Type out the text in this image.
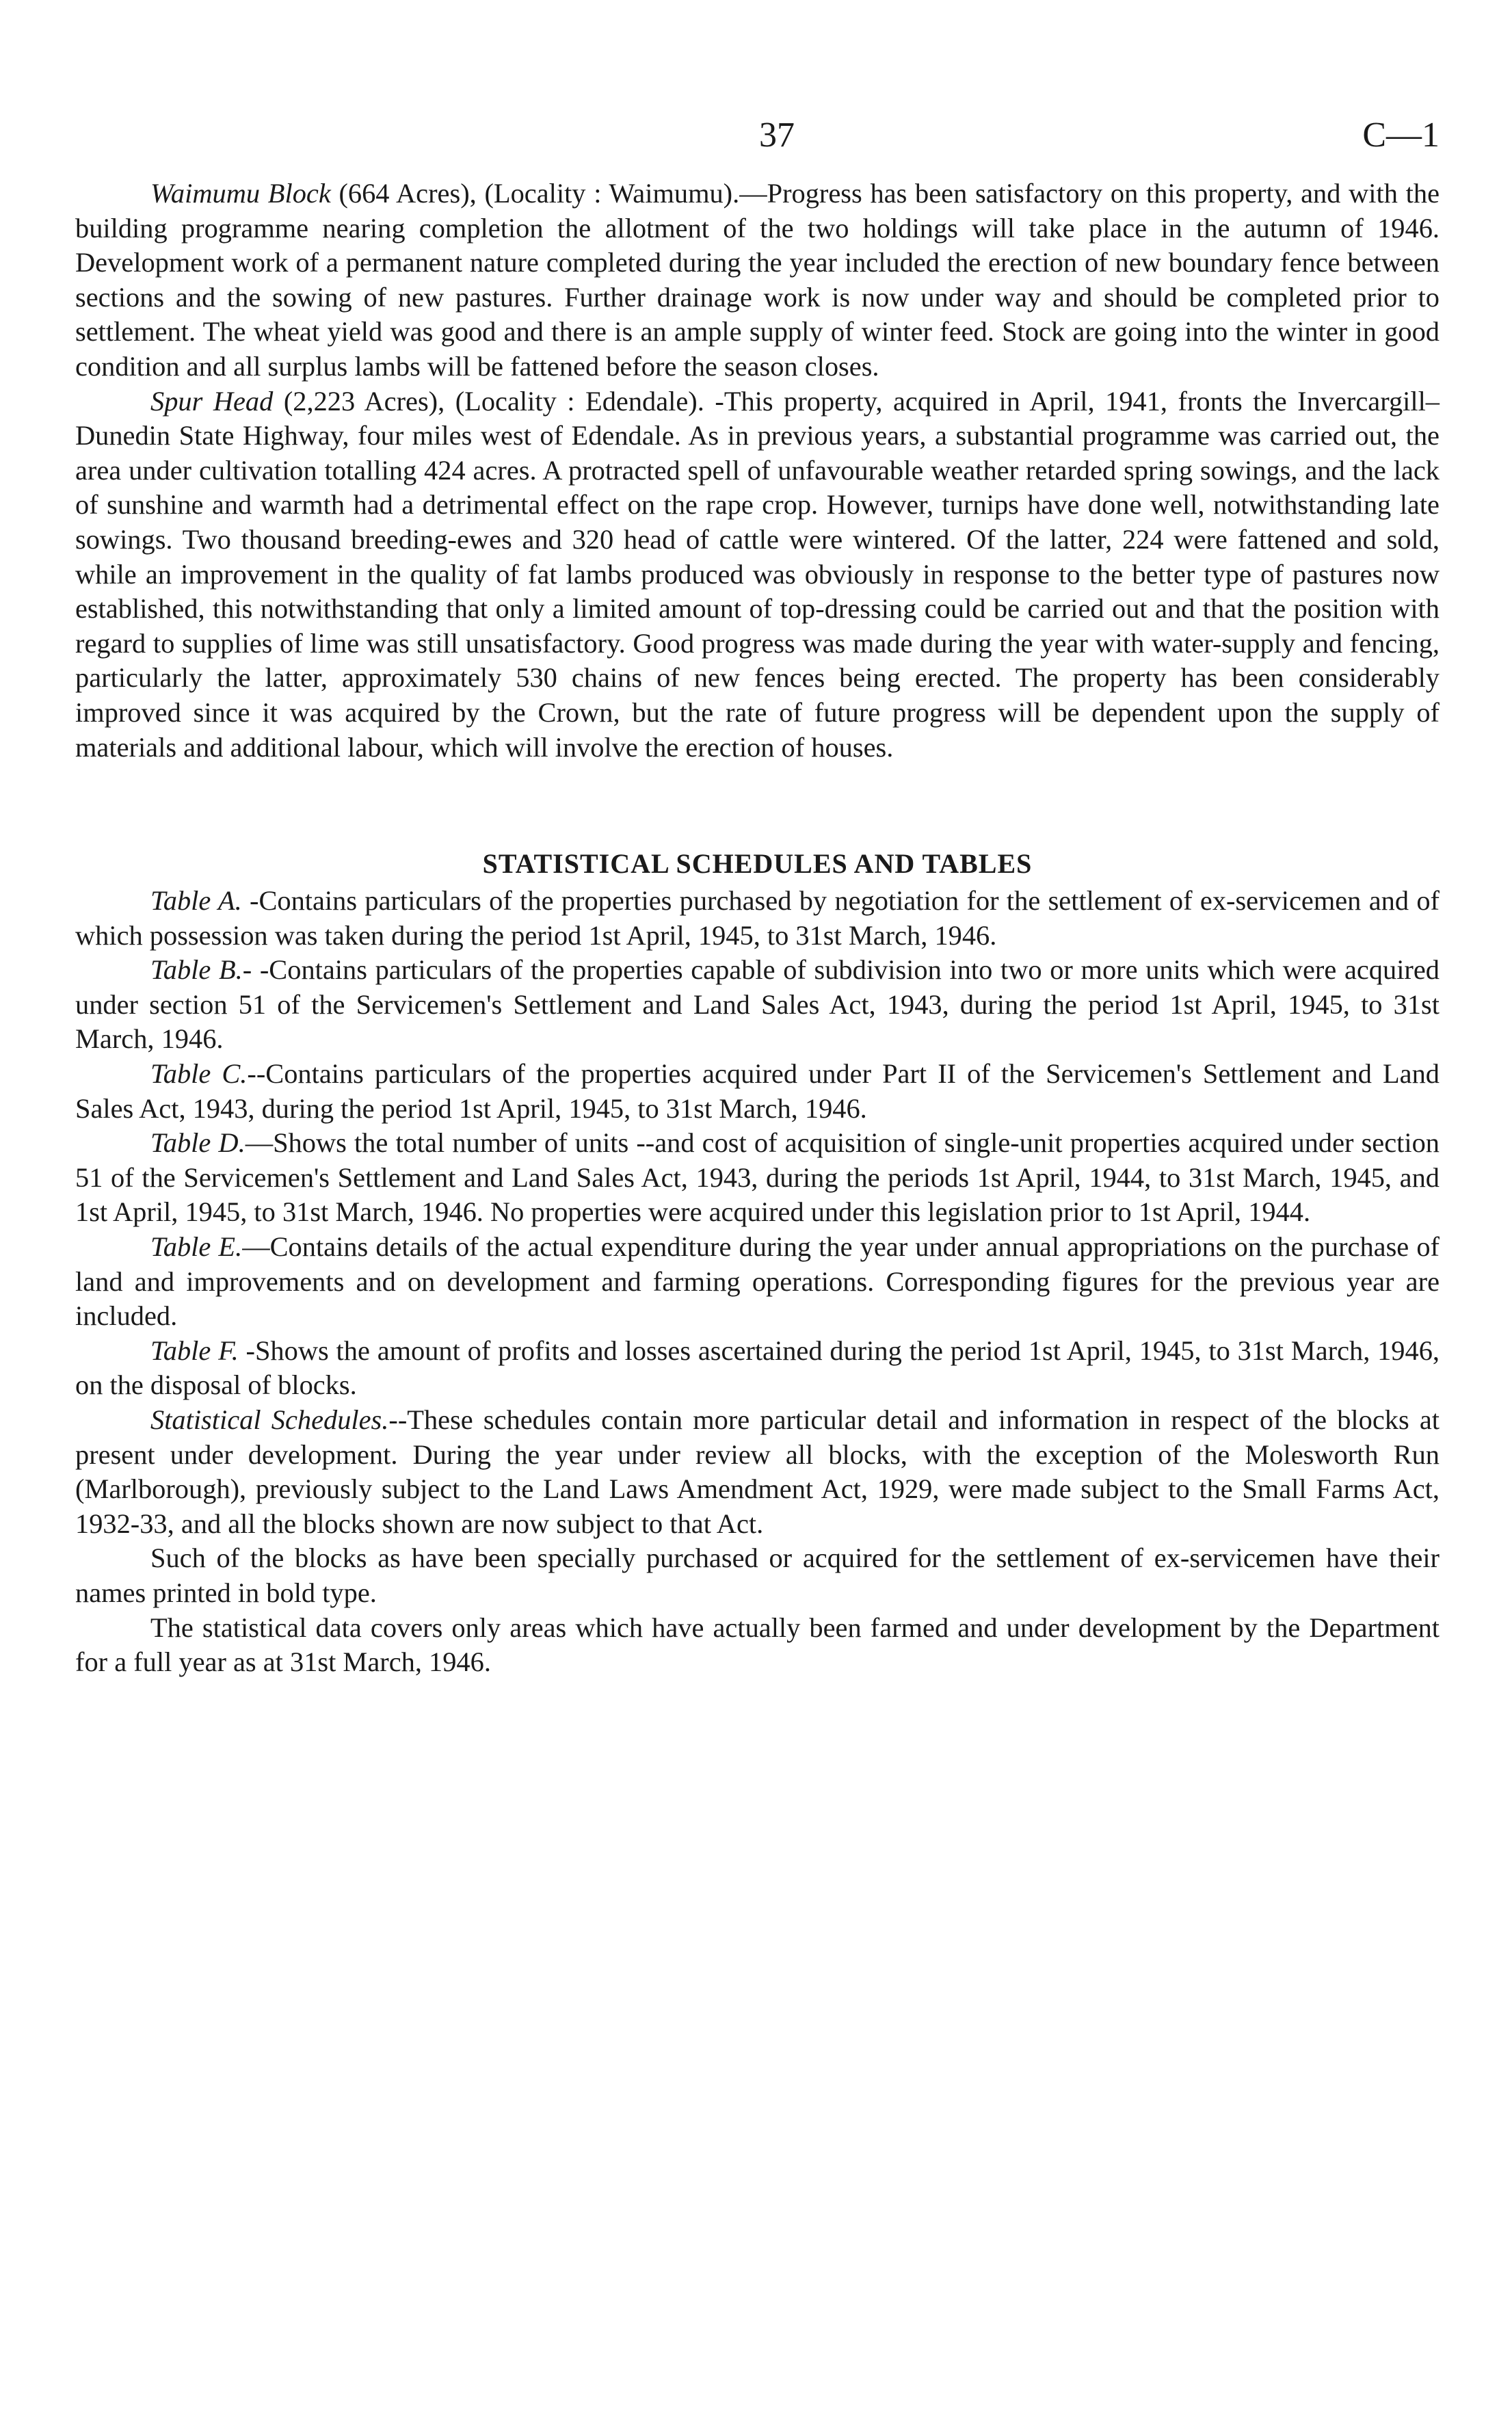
37	C—1

Waimumu Block (664 Acres), (Locality : Waimumu).—Progress has been satisfactory on this property, and with the building programme nearing completion the allotment of the two holdings will take place in the autumn of 1946. Development work of a permanent nature completed during the year included the erection of new boundary fence between sections and the sowing of new pastures. Further drainage work is now under way and should be completed prior to settlement. The wheat yield was good and there is an ample supply of winter feed. Stock are going into the winter in good condition and all surplus lambs will be fattened before the season closes.

Spur Head (2,223 Acres), (Locality : Edendale). -This property, acquired in April, 1941, fronts the Invercargill–Dunedin State Highway, four miles west of Edendale. As in previous years, a substantial programme was carried out, the area under cultivation totalling 424 acres. A protracted spell of unfavourable weather retarded spring sowings, and the lack of sunshine and warmth had a detrimental effect on the rape crop. However, turnips have done well, notwithstanding late sowings. Two thousand breeding-ewes and 320 head of cattle were wintered. Of the latter, 224 were fattened and sold, while an improvement in the quality of fat lambs produced was obviously in response to the better type of pastures now established, this notwithstanding that only a limited amount of top-dressing could be carried out and that the position with regard to supplies of lime was still unsatisfactory. Good progress was made during the year with water-supply and fencing, particularly the latter, approximately 530 chains of new fences being erected. The property has been considerably improved since it was acquired by the Crown, but the rate of future progress will be dependent upon the supply of materials and additional labour, which will involve the erection of houses.

STATISTICAL SCHEDULES AND TABLES

Table A. -Contains particulars of the properties purchased by negotiation for the settlement of ex-servicemen and of which possession was taken during the period 1st April, 1945, to 31st March, 1946.

Table B.- -Contains particulars of the properties capable of subdivision into two or more units which were acquired under section 51 of the Servicemen's Settlement and Land Sales Act, 1943, during the period 1st April, 1945, to 31st March, 1946.

Table C.--Contains particulars of the properties acquired under Part II of the Servicemen's Settlement and Land Sales Act, 1943, during the period 1st April, 1945, to 31st March, 1946.

Table D.—Shows the total number of units --and cost of acquisition of single-unit properties acquired under section 51 of the Servicemen's Settlement and Land Sales Act, 1943, during the periods 1st April, 1944, to 31st March, 1945, and 1st April, 1945, to 31st March, 1946. No properties were acquired under this legislation prior to 1st April, 1944.

Table E.—Contains details of the actual expenditure during the year under annual appropriations on the purchase of land and improvements and on development and farming operations. Corresponding figures for the previous year are included.

Table F. -Shows the amount of profits and losses ascertained during the period 1st April, 1945, to 31st March, 1946, on the disposal of blocks.

Statistical Schedules.--These schedules contain more particular detail and information in respect of the blocks at present under development. During the year under review all blocks, with the exception of the Molesworth Run (Marlborough), previously subject to the Land Laws Amendment Act, 1929, were made subject to the Small Farms Act, 1932-33, and all the blocks shown are now subject to that Act.

Such of the blocks as have been specially purchased or acquired for the settlement of ex-servicemen have their names printed in bold type.

The statistical data covers only areas which have actually been farmed and under development by the Department for a full year as at 31st March, 1946.
